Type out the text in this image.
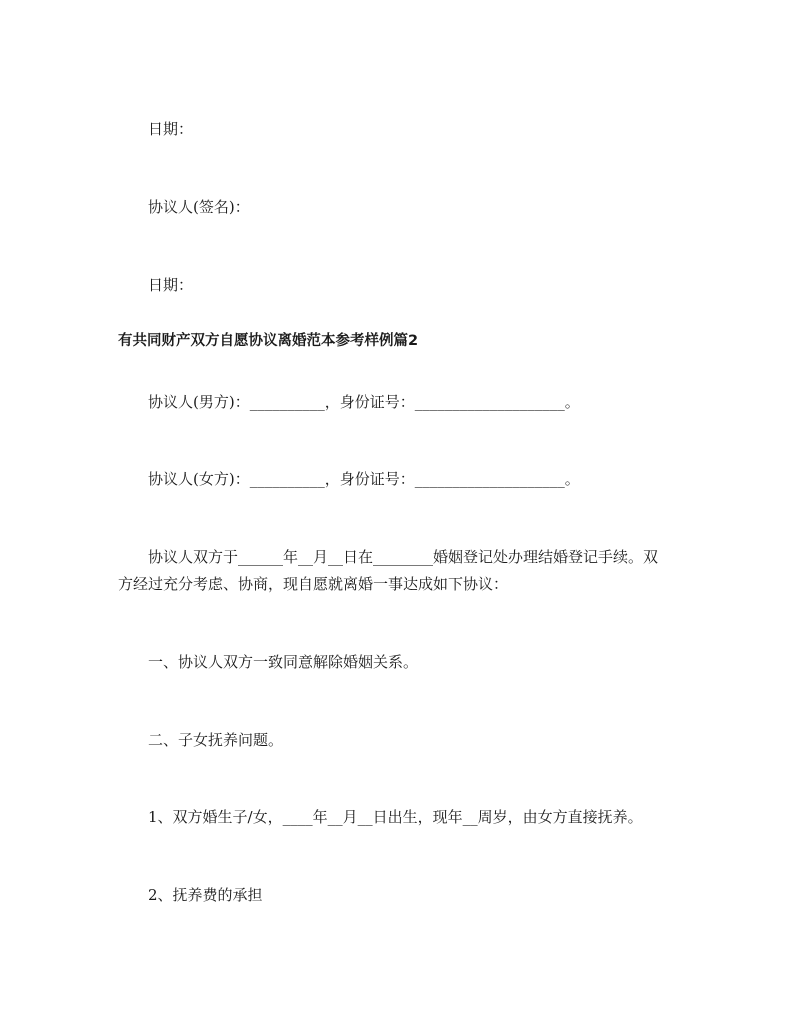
日期：
协议人(签名)：
日期：
有共同财产双方自愿协议离婚范本参考样例篇2
协议人(男方)：__________，身份证号：____________________。
协议人(女方)：__________，身份证号：____________________。
协议人双方于______年__月__日在________婚姻登记处办理结婚登记手续。双
方经过充分考虑、协商，现自愿就离婚一事达成如下协议：
一、协议人双方一致同意解除婚姻关系。
二、子女抚养问题。
1、双方婚生子/女，____年__月__日出生，现年__周岁，由女方直接抚养。
2、抚养费的承担
